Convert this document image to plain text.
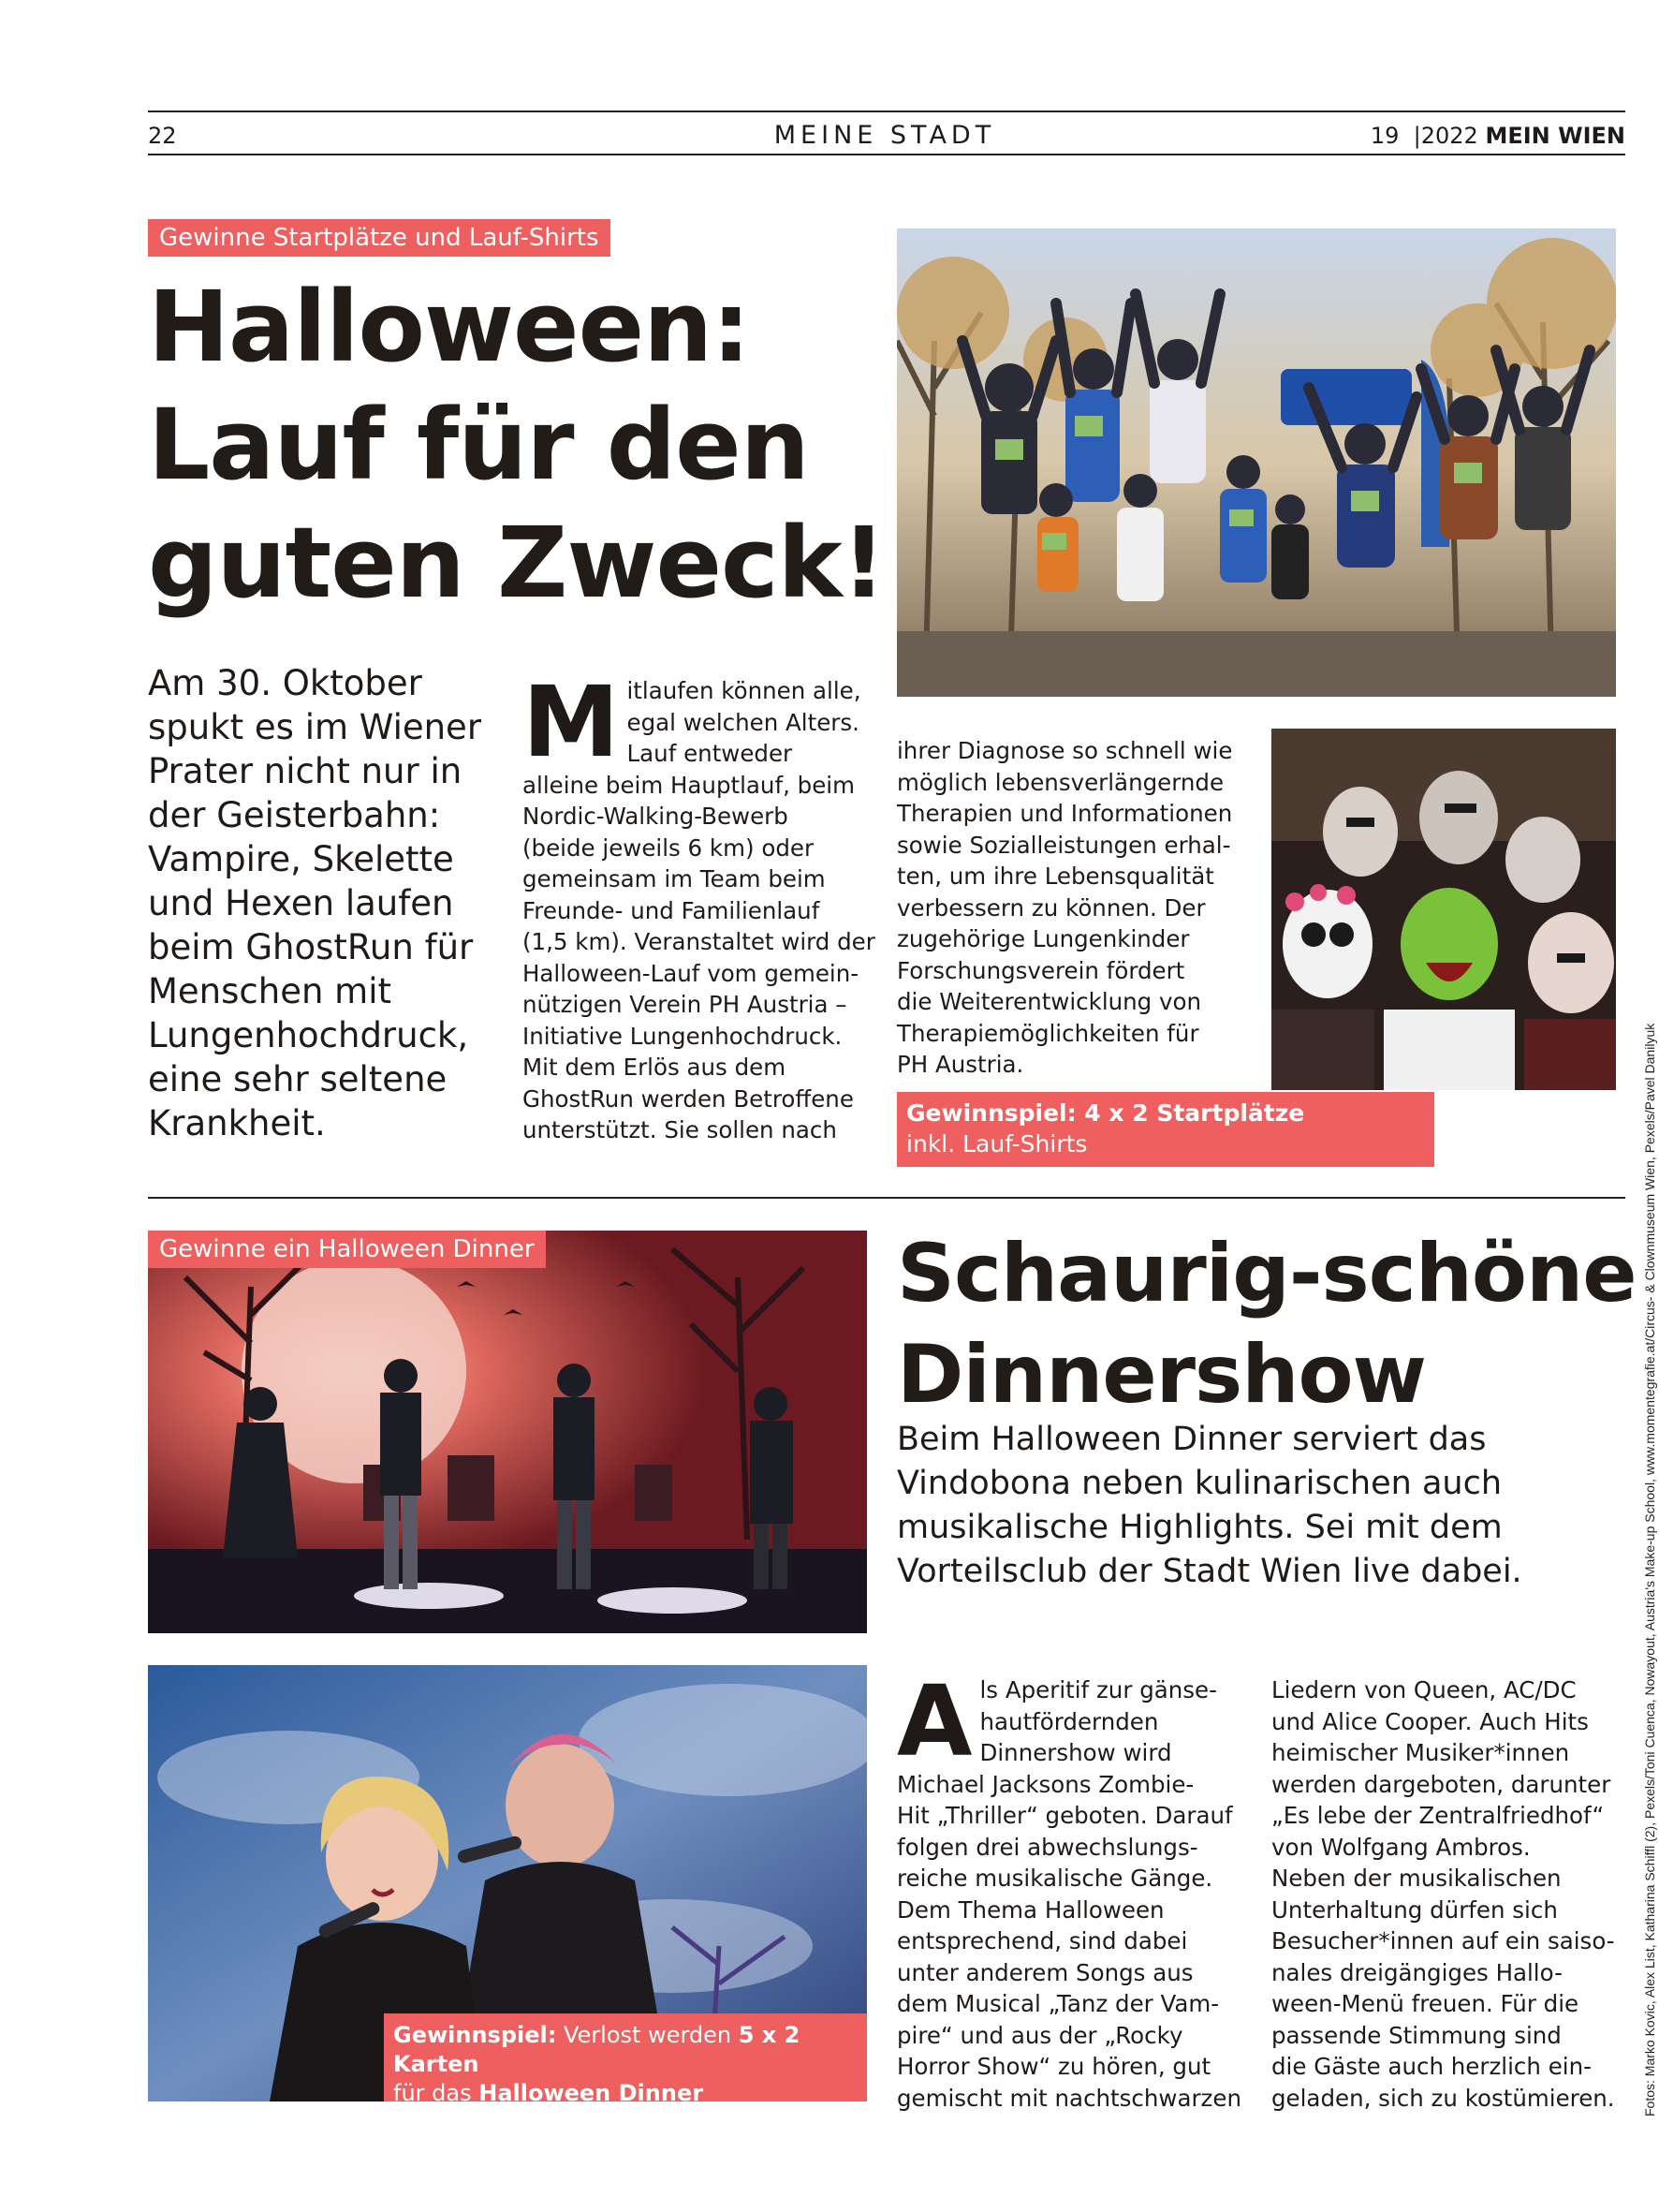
22	MEINE STADT	19  |2022 MEIN WIEN
Gewinne Startplätze und Lauf-Shirts
Halloween:
Lauf für den
guten Zweck!
Am 30. Oktober
spukt es im Wiener
Prater nicht nur in
der Geisterbahn:
Vampire, Skelette
und Hexen laufen
beim GhostRun für
Menschen mit
Lungenhochdruck,
eine sehr seltene
Krankheit.
M itlaufen können alle,
egal welchen Alters.
Lauf entweder
alleine beim Hauptlauf, beim
Nordic-Walking-Bewerb
(beide jeweils 6 km) oder
gemeinsam im Team beim
Freunde- und Familienlauf
(1,5 km). Veranstaltet wird der
Halloween-Lauf vom gemein-
nützigen Verein PH Austria –
Initiative Lungenhochdruck.
Mit dem Erlös aus dem
GhostRun werden Betroffene
unterstützt. Sie sollen nach
ihrer Diagnose so schnell wie
möglich lebensverlängernde
Therapien und Informationen
sowie Sozialleistungen erhal-
ten, um ihre Lebensqualität
verbessern zu können. Der
zugehörige Lungenkinder
Forschungsverein fördert
die Weiterentwicklung von
Therapiemöglichkeiten für
PH Austria.
Gewinnspiel: 4 x 2 Startplätze
inkl. Lauf-Shirts
Gewinne ein Halloween Dinner	Schaurig-schöne
Dinnershow
Beim Halloween Dinner serviert das
Vindobona neben kulinarischen auch
musikalische Highlights. Sei mit dem
Vorteilsclub der Stadt Wien live dabei.
Gewinnspiel: Verlost werden 5 x 2 Karten
für das Halloween Dinner im Vidobona.
A ls Aperitif zur gänse-
hautfördernden
Dinnershow wird
Michael Jacksons Zombie-
Hit „Thriller“ geboten. Darauf
folgen drei abwechslungs-
reiche musikalische Gänge.
Dem Thema Halloween
entsprechend, sind dabei
unter anderem Songs aus
dem Musical „Tanz der Vam-
pire“ und aus der „Rocky
Horror Show“ zu hören, gut
gemischt mit nachtschwarzen
Liedern von Queen, AC/DC
und Alice Cooper. Auch Hits
heimischer Musiker*innen
werden dargeboten, darunter
„Es lebe der Zentralfriedhof“
von Wolfgang Ambros.
Neben der musikalischen
Unterhaltung dürfen sich
Besucher*innen auf ein saiso-
nales dreigängiges Hallo-
ween-Menü freuen. Für die
passende Stimmung sind
die Gäste auch herzlich ein-
geladen, sich zu kostümieren.	Fotos: Marko Kovic, Alex List, Katharina Schiffl (2), Pexels/Toni Cuenca, Nowayout, Austria's Make-up School, www.momentegrafie.at/Circus- & Clownmuseum Wien, Pexels/Pavel Danilyuk
